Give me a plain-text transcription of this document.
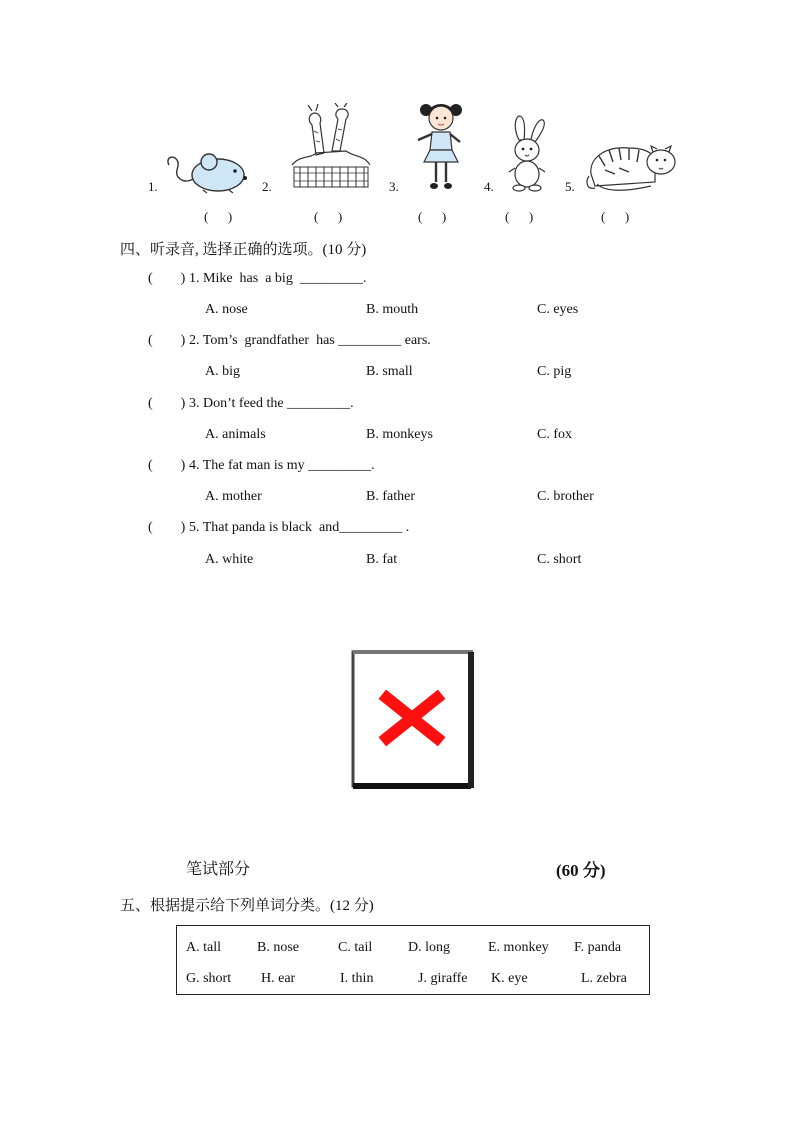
1.
(      )
2.
(      )
3.
(      )
4.
(      )
5.
(      )
四、听录音, 选择正确的选项。(10 分)
(        ) 1. Mike  has  a big  _________.
A. nose	B. mouth	C. eyes
(        ) 2. Tom’s  grandfather  has _________ ears.
A. big	B. small	C. pig
(        ) 3. Don’t feed the _________.
A. animals	B. monkeys	C. fox
(        ) 4. The fat man is my _________.
A. mother	B. father	C. brother
(        ) 5. That panda is black  and_________ .
A. white	B. fat	C. short
笔试部分	(60 分)
五、根据提示给下列单词分类。(12 分)
A. tall	B. nose	C. tail	D. long	E. monkey F. panda
G. short H. ear	I. thin	J. giraffe K. eye	L. zebra
